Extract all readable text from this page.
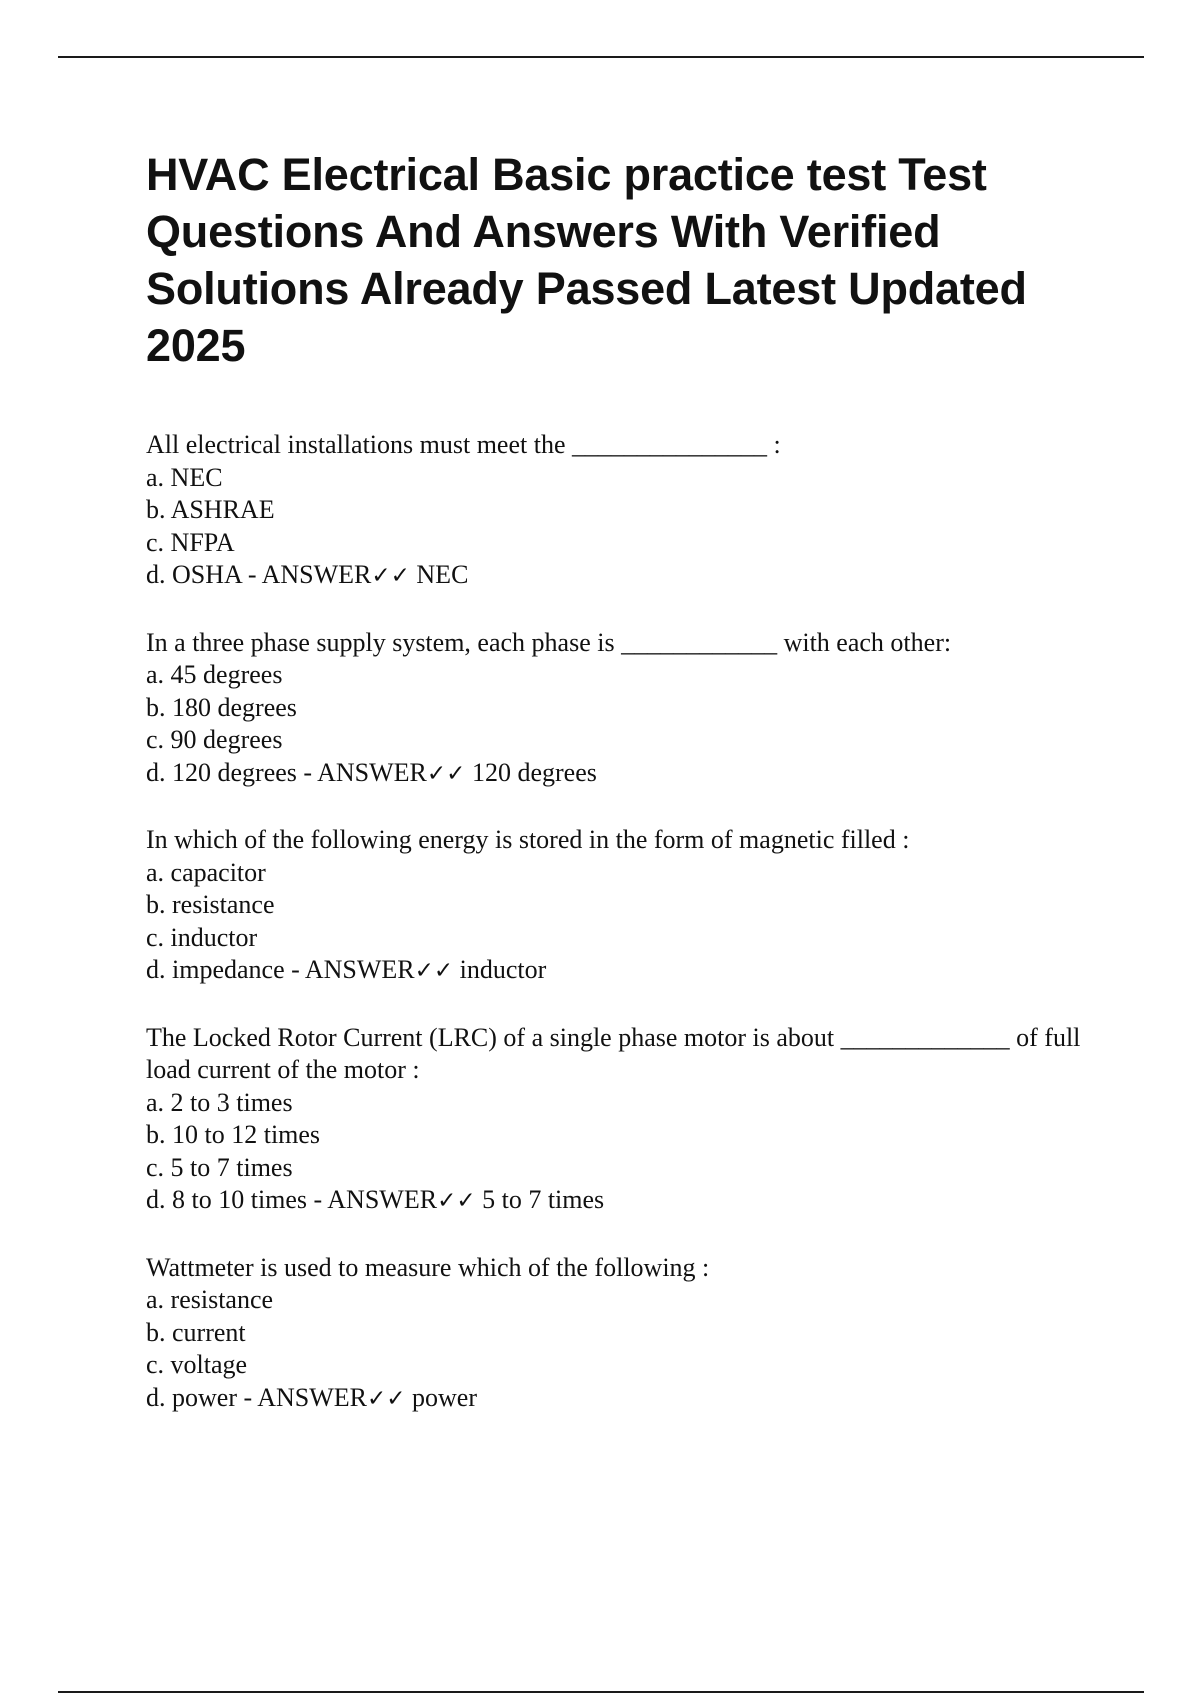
HVAC Electrical Basic practice test Test Questions And Answers With Verified Solutions Already Passed Latest Updated 2025
All electrical installations must meet the _______________ :
a. NEC
b. ASHRAE
c. NFPA
d. OSHA - ANSWER✓✓ NEC
In a three phase supply system, each phase is ____________ with each other:
a. 45 degrees
b. 180 degrees
c. 90 degrees
d. 120 degrees - ANSWER✓✓ 120 degrees
In which of the following energy is stored in the form of magnetic filled :
a. capacitor
b. resistance
c. inductor
d. impedance - ANSWER✓✓ inductor
The Locked Rotor Current (LRC) of a single phase motor is about _____________ of full load current of the motor :
a. 2 to 3 times
b. 10 to 12 times
c. 5 to 7 times
d. 8 to 10 times - ANSWER✓✓ 5 to 7 times
Wattmeter is used to measure which of the following :
a. resistance
b. current
c. voltage
d. power - ANSWER✓✓ power
